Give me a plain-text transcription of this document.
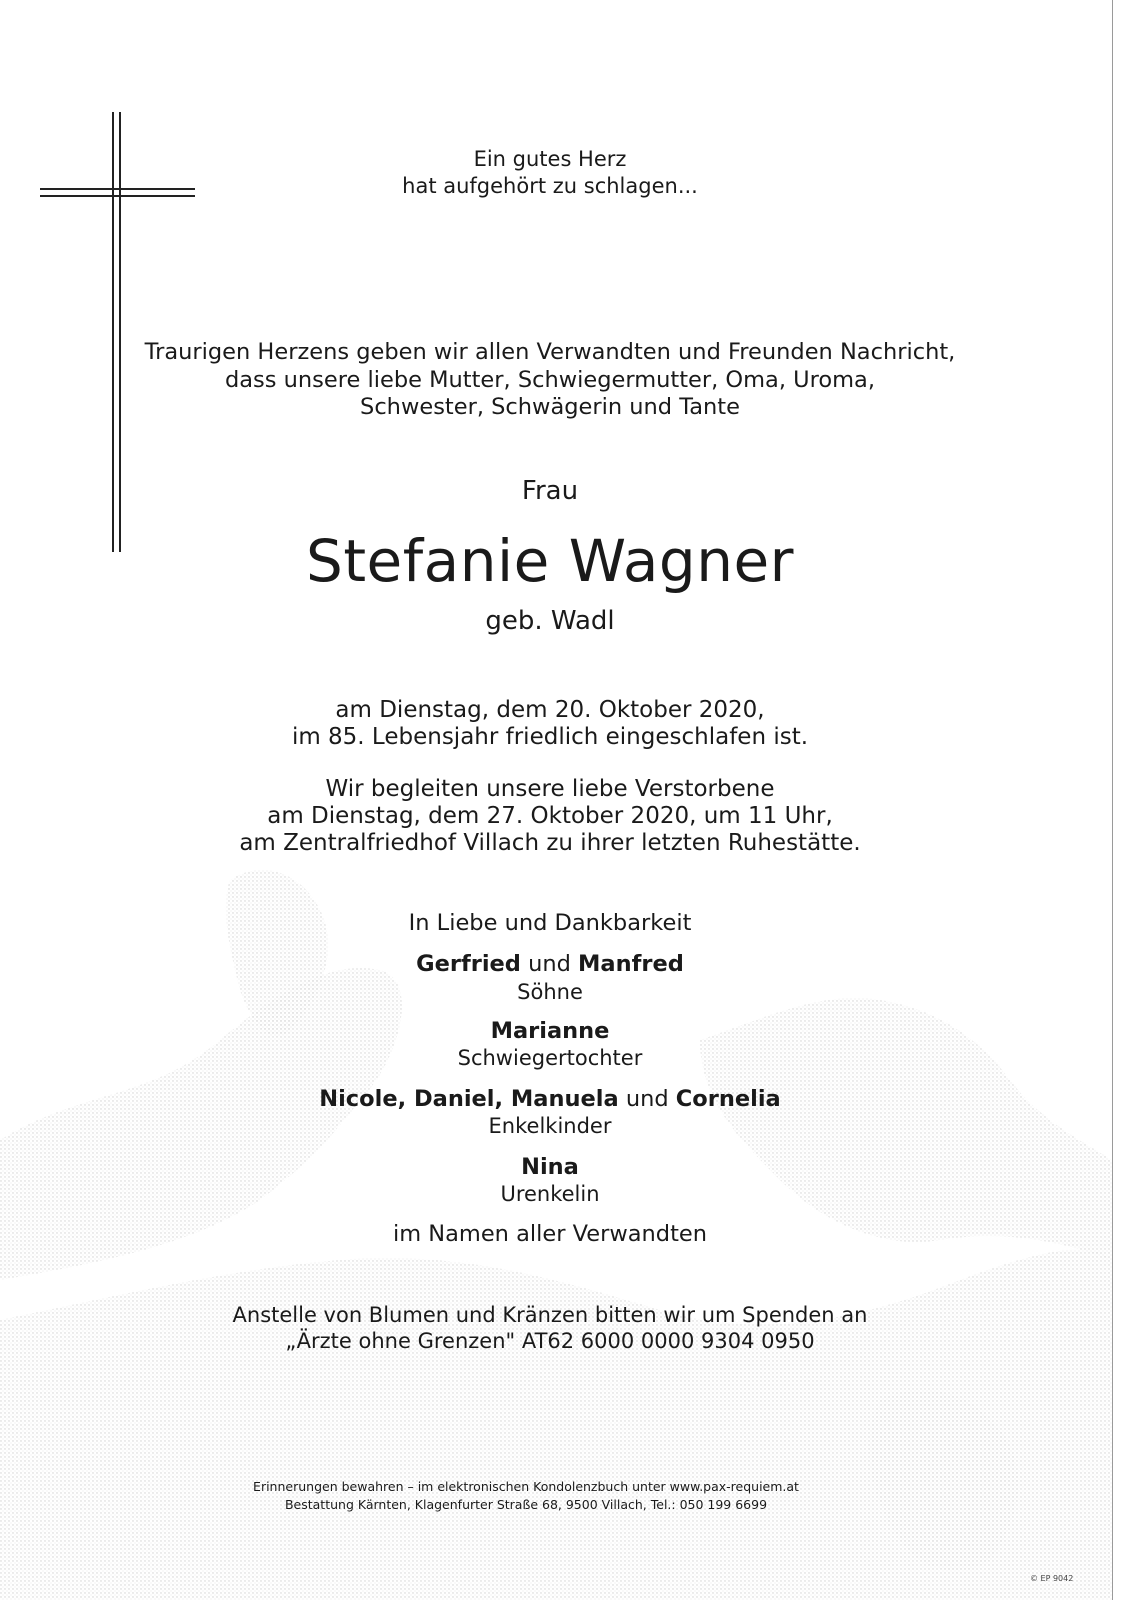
Ein gutes Herz
hat aufgehört zu schlagen...
Traurigen Herzens geben wir allen Verwandten und Freunden Nachricht,
dass unsere liebe Mutter, Schwiegermutter, Oma, Uroma,
Schwester, Schwägerin und Tante
Frau
Stefanie Wagner
geb. Wadl
am Dienstag, dem 20. Oktober 2020,
im 85. Lebensjahr friedlich eingeschlafen ist.
Wir begleiten unsere liebe Verstorbene
am Dienstag, dem 27. Oktober 2020, um 11 Uhr,
am Zentralfriedhof Villach zu ihrer letzten Ruhestätte.
In Liebe und Dankbarkeit
Gerfried und Manfred
Söhne
Marianne
Schwiegertochter
Nicole, Daniel, Manuela und Cornelia
Enkelkinder
Nina
Urenkelin
im Namen aller Verwandten
Anstelle von Blumen und Kränzen bitten wir um Spenden an
„Ärzte ohne Grenzen" AT62 6000 0000 9304 0950
Erinnerungen bewahren – im elektronischen Kondolenzbuch unter www.pax-requiem.at
Bestattung Kärnten, Klagenfurter Straße 68, 9500 Villach, Tel.: 050 199 6699
© EP 9042
